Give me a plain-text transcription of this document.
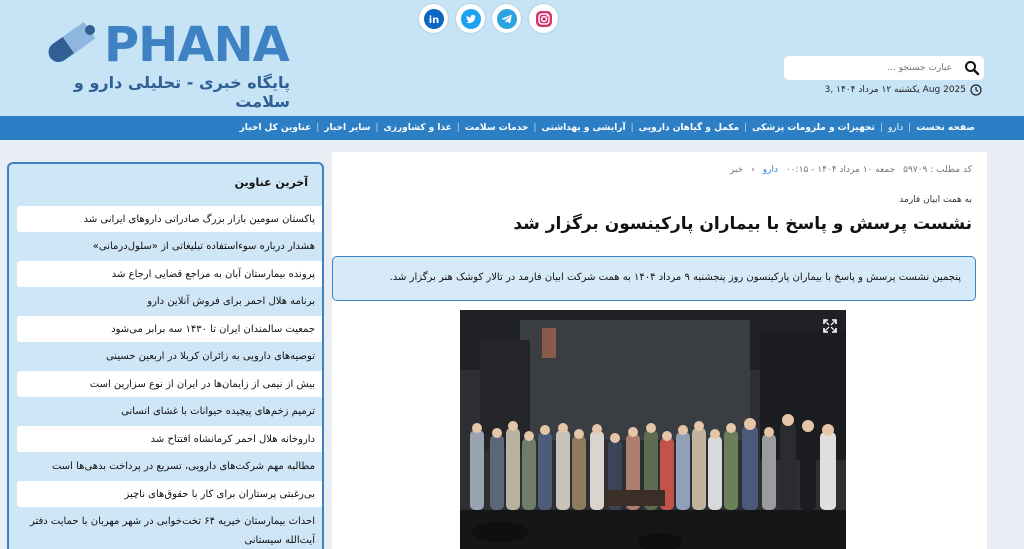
PHANA
پایگاه خبری - تحلیلی دارو و سلامت
in
عبارت جستجو ...
یکشنبه ۱۲ مرداد ۱۴۰۴ ,3 Aug 2025
صفحه نخست
|
دارو
|
تجهیزات و ملزومات پزشکی
|
مکمل و گیاهان دارویی
|
آرایشی و بهداشتی
|
خدمات سلامت
|
غذا و کشاورزی
|
سایر اخبار
|
عناوین کل اخبار
آخرین عناوین
پاکستان سومین بازار بزرگ صادراتی داروهای ایرانی شد
هشدار درباره سوءاستفاده تبلیغاتی از «سلول‌درمانی»
پرونده بیمارستان آبان به مراجع قضایی ارجاع شد
برنامه هلال احمر برای فروش آنلاین دارو
جمعیت سالمندان ایران تا ۱۴۳۰ سه برابر می‌شود
توصیه‌های دارویی به زائران کربلا در اربعین حسینی
بیش از نیمی از زایمان‌ها در ایران از نوع سزارین است
ترمیم زخم‌های پیچیده حیوانات با غشای انسانی
داروخانه هلال احمر کرمانشاه افتتاح شد
مطالبه مهم شرکت‌های دارویی، تسریع در پرداخت بدهی‌ها است
بی‌رغبتی پرستاران برای کار با حقوق‌های ناچیز
احداث بیمارستان خیریه ۶۴ تخت‌خوابی در شهر مهربان با حمایت دفتر
آیت‌الله سیستانی
خبر ‹ دارو جمعه ۱۰ مرداد ۱۴۰۴ - ۰۰:۱۵ کد مطلب : ۵۹۷۰۹
به همت ابیان فارمد
نشست پرسش و پاسخ با بیماران پارکینسون برگزار شد
پنجمین نشست پرسش و پاسخ با بیماران پارکینسون روز پنجشنبه ۹ مرداد ۱۴۰۴ به همت شرکت ابیان فارمد در تالار کوشک هنر برگزار شد.
